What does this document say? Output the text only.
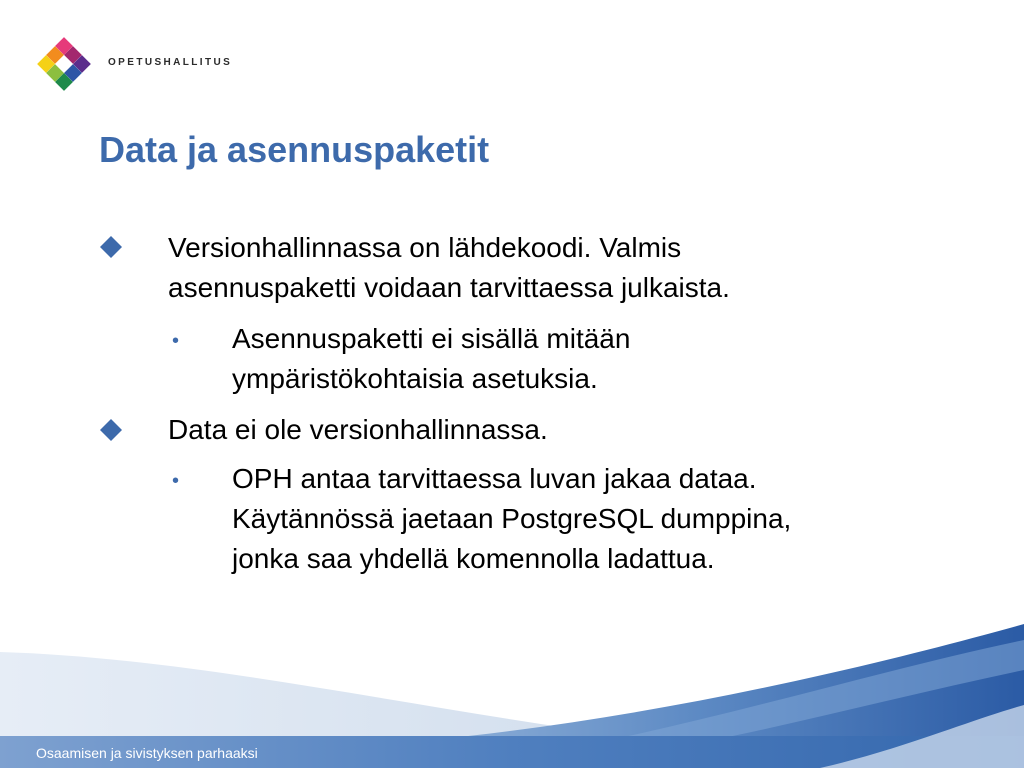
OPETUSHALLITUS
Data ja asennuspaketit
Versionhallinnassa on lähdekoodi. Valmis
asennuspaketti voidaan tarvittaessa julkaista.
• Asennuspaketti ei sisällä mitään
ympäristökohtaisia asetuksia.
Data ei ole versionhallinnassa.
• OPH antaa tarvittaessa luvan jakaa dataa.
Käytännössä jaetaan PostgreSQL dumppina,
jonka saa yhdellä komennolla ladattua.
Osaamisen ja sivistyksen parhaaksi
